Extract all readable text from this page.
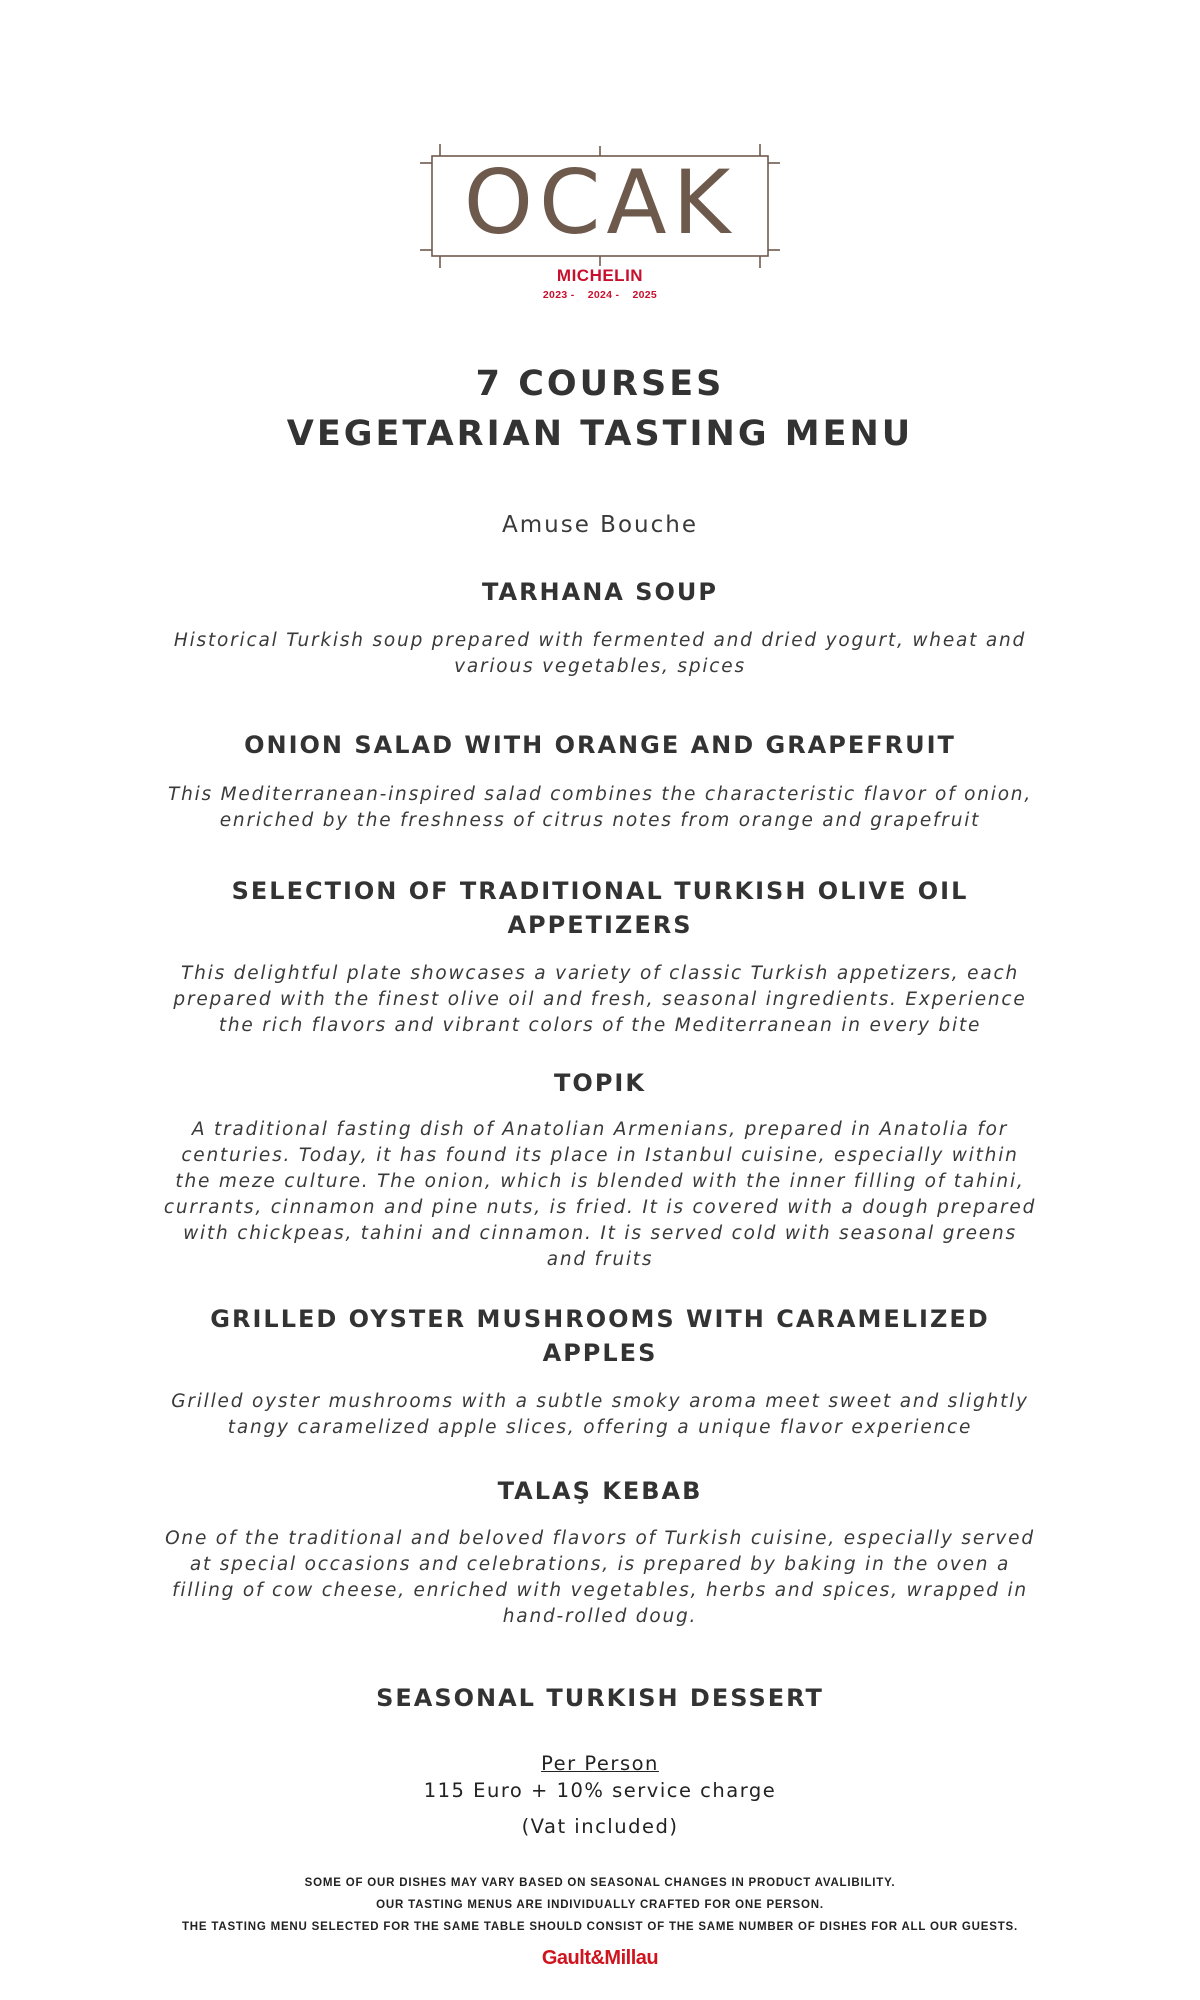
OCAK
MICHELIN
2023 - 2024 - 2025
7 COURSES
VEGETARIAN TASTING MENU
Amuse Bouche
TARHANA SOUP
Historical Turkish soup prepared with fermented and dried yogurt, wheat and various vegetables, spices
ONION SALAD WITH ORANGE AND GRAPEFRUIT
This Mediterranean-inspired salad combines the characteristic flavor of onion, enriched by the freshness of citrus notes from orange and grapefruit
SELECTION OF TRADITIONAL TURKISH OLIVE OIL APPETIZERS
This delightful plate showcases a variety of classic Turkish appetizers, each prepared with the finest olive oil and fresh, seasonal ingredients. Experience the rich flavors and vibrant colors of the Mediterranean in every bite
TOPIK
A traditional fasting dish of Anatolian Armenians, prepared in Anatolia for centuries. Today, it has found its place in Istanbul cuisine, especially within the meze culture. The onion, which is blended with the inner filling of tahini, currants, cinnamon and pine nuts, is fried. It is covered with a dough prepared with chickpeas, tahini and cinnamon. It is served cold with seasonal greens and fruits
GRILLED OYSTER MUSHROOMS WITH CARAMELIZED APPLES
Grilled oyster mushrooms with a subtle smoky aroma meet sweet and slightly tangy caramelized apple slices, offering a unique flavor experience
TALAŞ KEBAB
One of the traditional and beloved flavors of Turkish cuisine, especially served at special occasions and celebrations, is prepared by baking in the oven a filling of cow cheese, enriched with vegetables, herbs and spices, wrapped in hand-rolled doug.
SEASONAL TURKISH DESSERT
Per Person
115 Euro + 10% service charge
(Vat included)
SOME OF OUR DISHES MAY VARY BASED ON SEASONAL CHANGES IN PRODUCT AVALIBILITY.
OUR TASTING MENUS ARE INDIVIDUALLY CRAFTED FOR ONE PERSON.
THE TASTING MENU SELECTED FOR THE SAME TABLE SHOULD CONSIST OF THE SAME NUMBER OF DISHES FOR ALL OUR GUESTS.
Gault&Millau
